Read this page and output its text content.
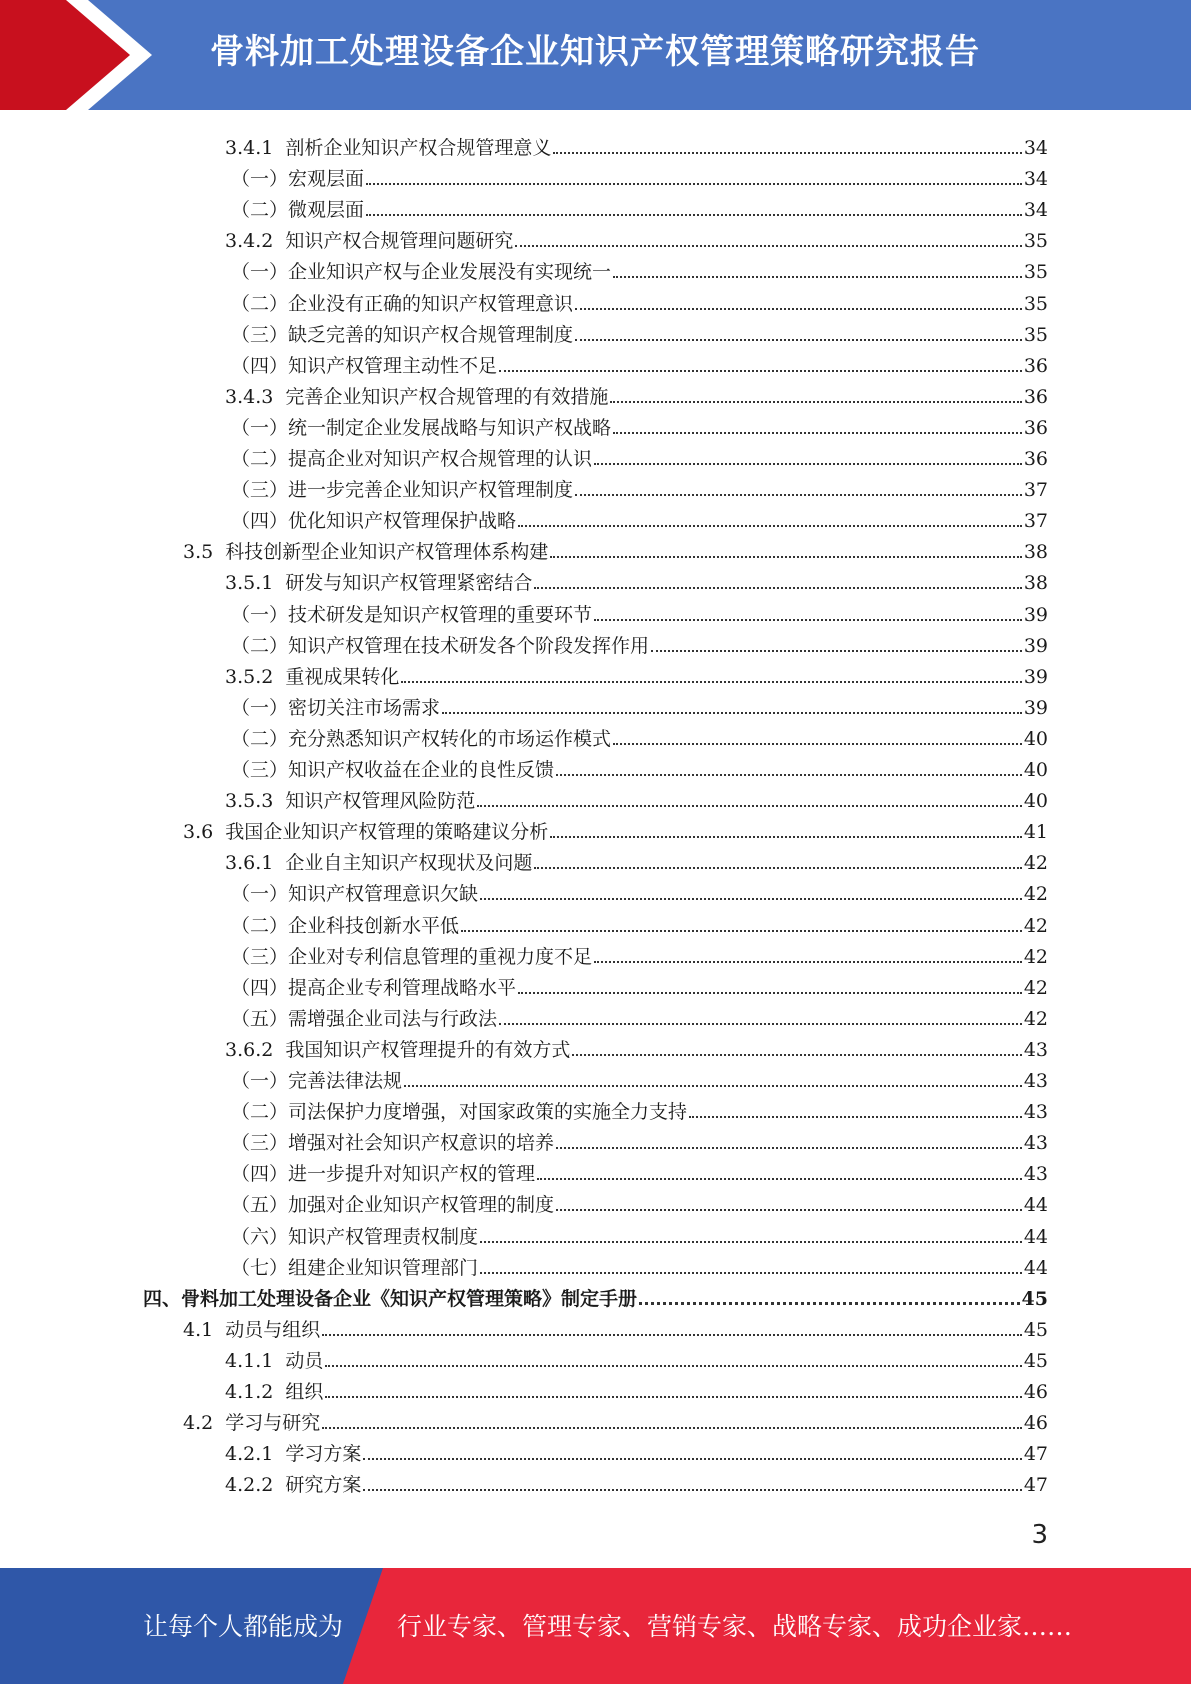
骨料加工处理设备企业知识产权管理策略研究报告
3.4.1 剖析企业知识产权合规管理意义	34
（一）宏观层面	34
（二）微观层面	34
3.4.2 知识产权合规管理问题研究	35
（一）企业知识产权与企业发展没有实现统一	35
（二）企业没有正确的知识产权管理意识	35
（三）缺乏完善的知识产权合规管理制度	35
（四）知识产权管理主动性不足	36
3.4.3 完善企业知识产权合规管理的有效措施	36
（一）统一制定企业发展战略与知识产权战略	36
（二）提高企业对知识产权合规管理的认识	36
（三）进一步完善企业知识产权管理制度	37
（四）优化知识产权管理保护战略	37
3.5 科技创新型企业知识产权管理体系构建	38
3.5.1 研发与知识产权管理紧密结合	38
（一）技术研发是知识产权管理的重要环节	39
（二）知识产权管理在技术研发各个阶段发挥作用	39
3.5.2 重视成果转化	39
（一）密切关注市场需求	39
（二）充分熟悉知识产权转化的市场运作模式	40
（三）知识产权收益在企业的良性反馈	40
3.5.3 知识产权管理风险防范	40
3.6 我国企业知识产权管理的策略建议分析	41
3.6.1 企业自主知识产权现状及问题	42
（一）知识产权管理意识欠缺	42
（二）企业科技创新水平低	42
（三）企业对专利信息管理的重视力度不足	42
（四）提高企业专利管理战略水平	42
（五）需增强企业司法与行政法	42
3.6.2 我国知识产权管理提升的有效方式	43
（一）完善法律法规	43
（二）司法保护力度增强，对国家政策的实施全力支持	43
（三）增强对社会知识产权意识的培养	43
（四）进一步提升对知识产权的管理	43
（五）加强对企业知识产权管理的制度	44
（六）知识产权管理责权制度	44
（七）组建企业知识管理部门	44
四、骨料加工处理设备企业《知识产权管理策略》制定手册	45
4.1 动员与组织	45
4.1.1 动员	45
4.1.2 组织	46
4.2 学习与研究	46
4.2.1 学习方案	47
4.2.2 研究方案	47
3
让每个人都能成为 行业专家、管理专家、营销专家、战略专家、成功企业家……
